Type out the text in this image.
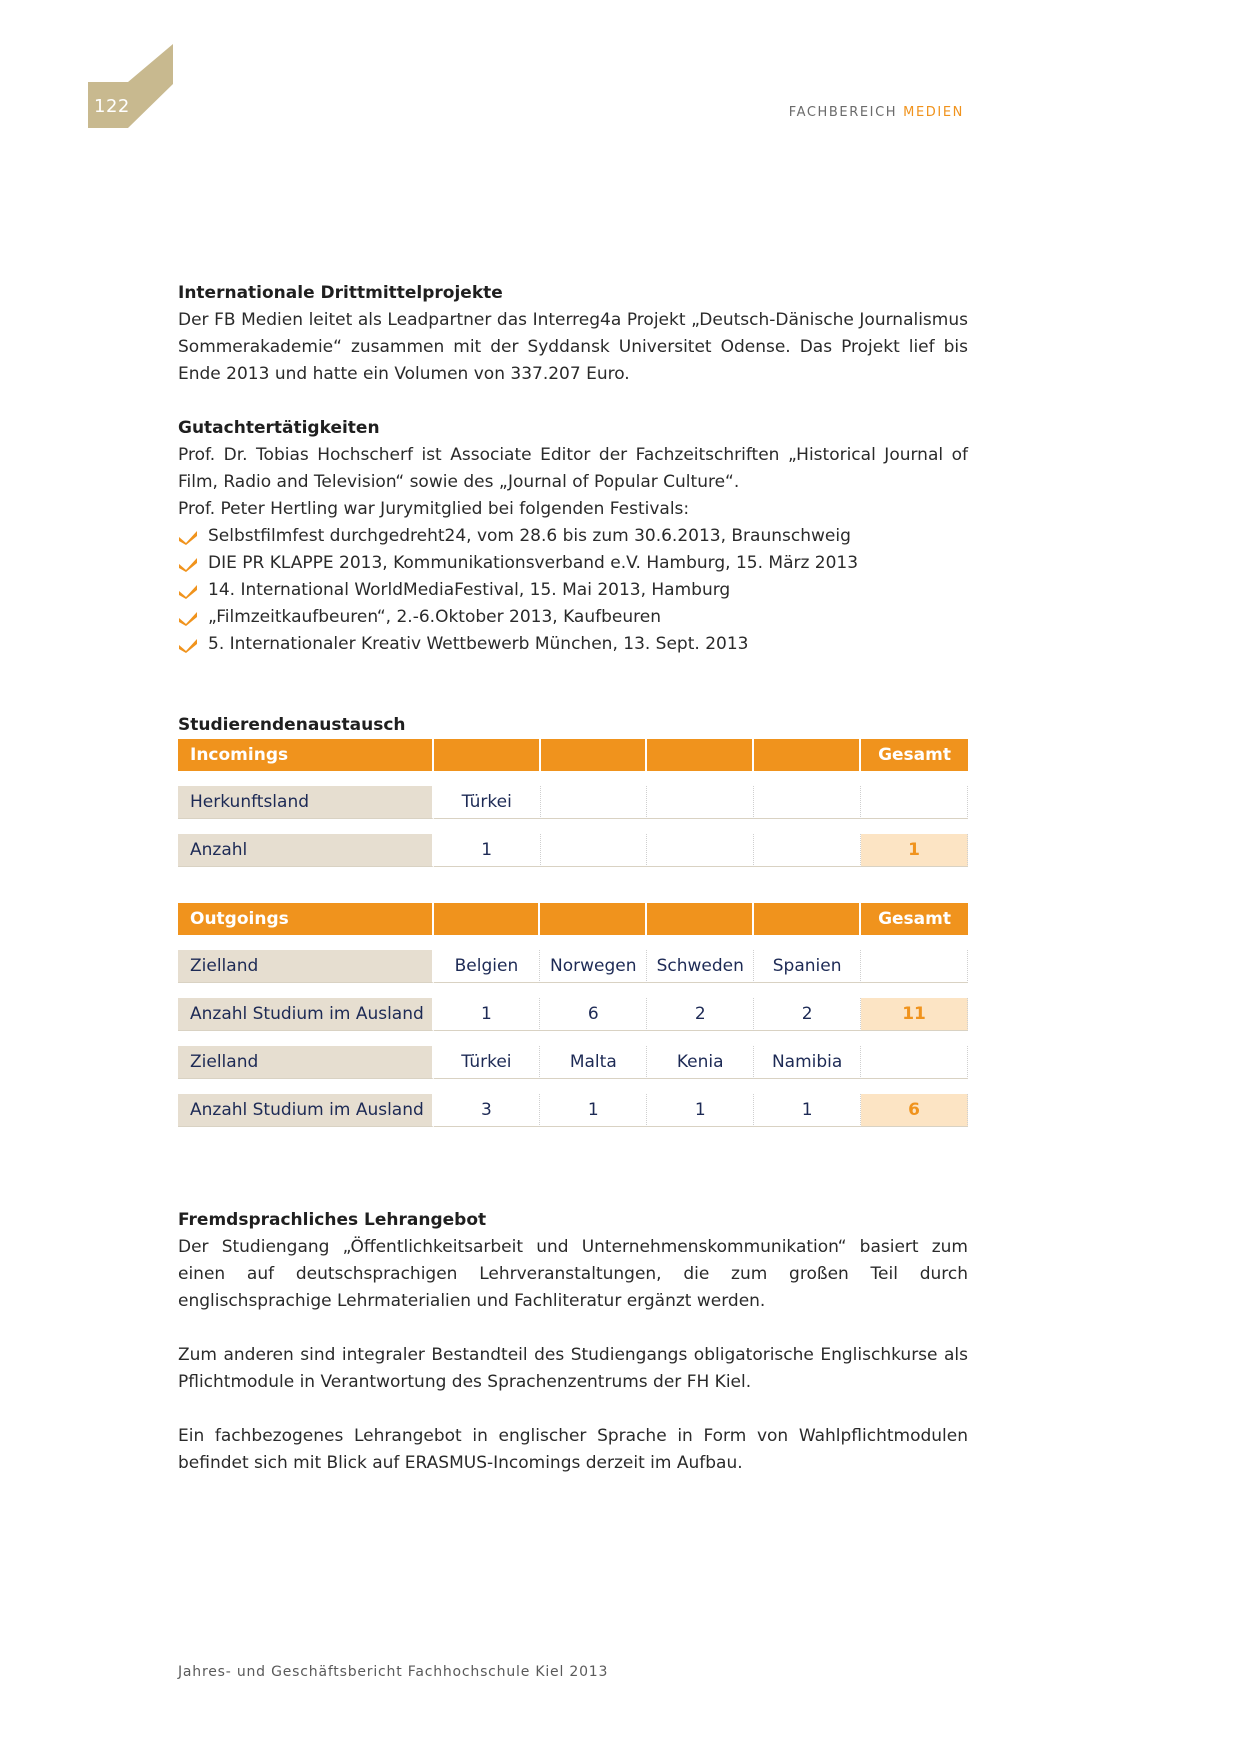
122	FACHBEREICH MEDIEN
Internationale Drittmittelprojekte

Der FB Medien leitet als Leadpartner das Interreg4a Projekt „Deutsch-Dänische Journalismus Sommerakademie“ zusammen mit der Syddansk Universitet Odense. Das Projekt lief bis Ende 2013 und hatte ein Volumen von 337.207 Euro.

Gutachtertätigkeiten

Prof. Dr. Tobias Hochscherf ist Associate Editor der Fachzeitschriften „Historical Journal of Film, Radio and Television“ sowie des „Journal of Popular Culture“.

Prof. Peter Hertling war Jurymitglied bei folgenden Festivals:

Selbstfilmfest durchgedreht24, vom 28.6 bis zum 30.6.2013, Braunschweig
DIE PR KLAPPE 2013, Kommunikationsverband e.V. Hamburg, 15. März 2013
14. International WorldMediaFestival, 15. Mai 2013, Hamburg
„Filmzeitkaufbeuren“, 2.-6.Oktober 2013, Kaufbeuren
5. Internationaler Kreativ Wettbewerb München, 13. Sept. 2013
Studierendenaustausch
Incomings					Gesamt

Herkunftsland	Türkei				

Anzahl	1				1
Outgoings					Gesamt

Zielland	Belgien	Norwegen	Schweden	Spanien	

Anzahl Studium im Ausland	1	6	2	2	11

Zielland	Türkei	Malta	Kenia	Namibia	

Anzahl Studium im Ausland	3	1	1	1	6
Fremdsprachliches Lehrangebot

Der Studiengang „Öffentlichkeitsarbeit und Unternehmenskommunikation“ basiert zum einen auf deutschsprachigen Lehrveranstaltungen, die zum großen Teil durch englischsprachige Lehrmaterialien und Fachliteratur ergänzt werden.

Zum anderen sind integraler Bestandteil des Studiengangs obligatorische Englischkurse als Pflichtmodule in Verantwortung des Sprachenzentrums der FH Kiel.

Ein fachbezogenes Lehrangebot in englischer Sprache in Form von Wahlpflichtmodulen befindet sich mit Blick auf ERASMUS-Incomings derzeit im Aufbau.

Jahres- und Geschäftsbericht Fachhochschule Kiel 2013
